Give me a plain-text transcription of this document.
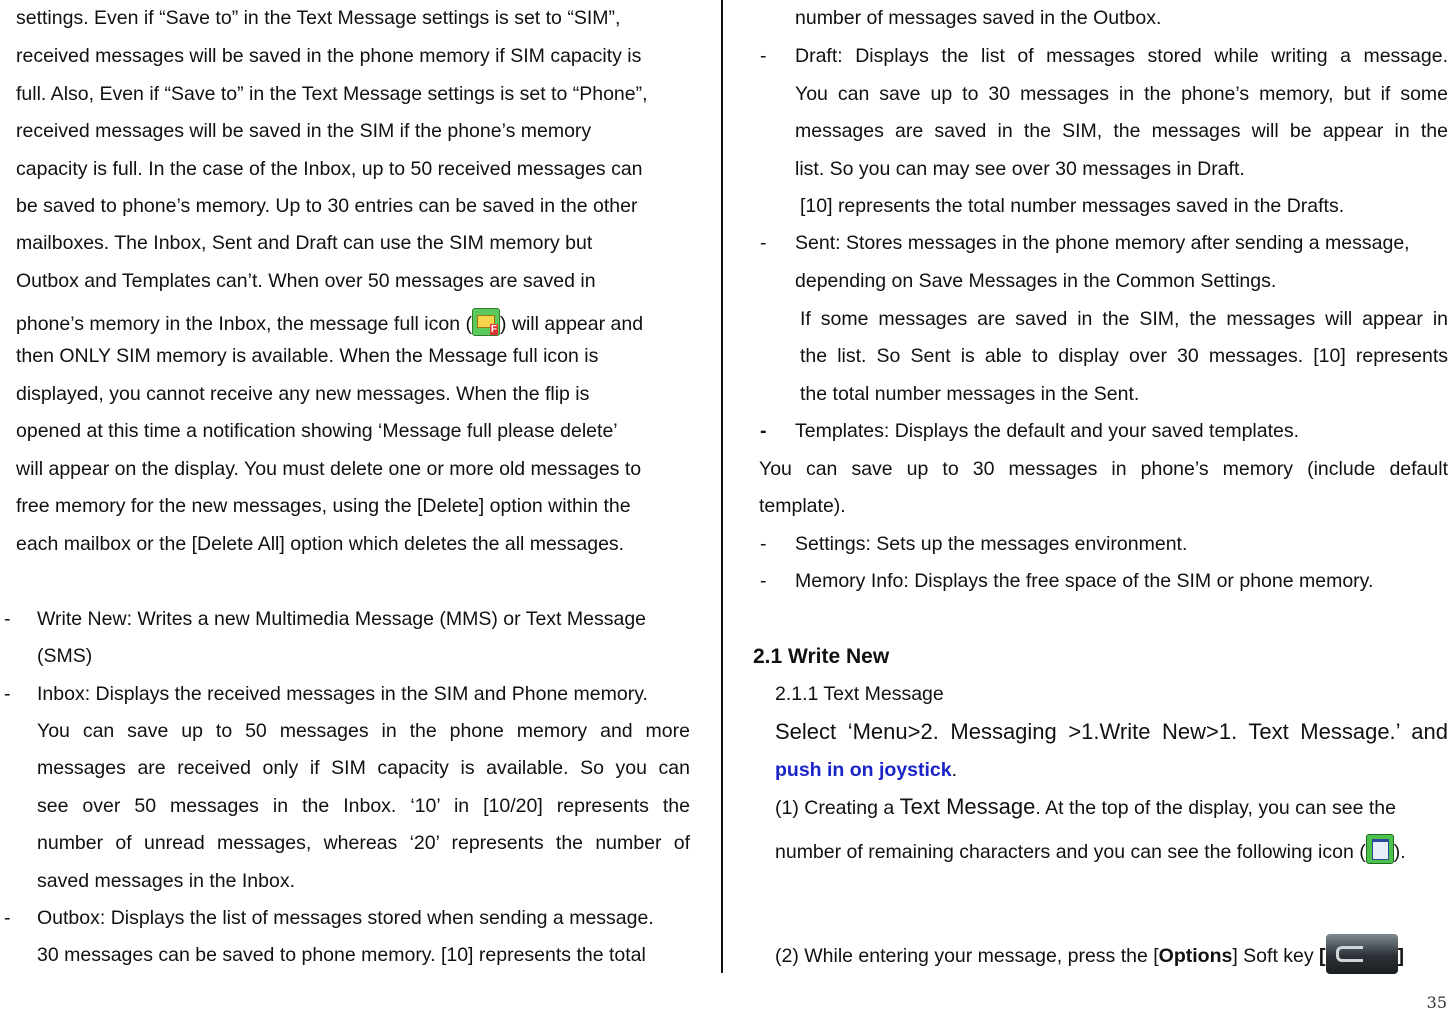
settings. Even if “Save to” in the Text Message settings is set to “SIM”,
received messages will be saved in the phone memory if SIM capacity is
full. Also, Even if “Save to” in the Text Message settings is set to “Phone”,
received messages will be saved in the SIM if the phone’s memory
capacity is full. In the case of the Inbox, up to 50 received messages can
be saved to phone’s memory. Up to 30 entries can be saved in the other
mailboxes. The Inbox, Sent and Draft can use the SIM memory but
Outbox and Templates can’t. When over 50 messages are saved in
phone’s memory in the Inbox, the message full icon (F ) will appear and
then ONLY SIM memory is available. When the Message full icon is
displayed, you cannot receive any new messages. When the flip is
opened at this time a notification showing ‘Message full please delete’
will appear on the display. You must delete one or more old messages to
free memory for the new messages, using the [Delete] option within the
each mailbox or the [Delete All] option which deletes the all messages.
- Write New: Writes a new Multimedia Message (MMS) or Text Message
(SMS)
- Inbox: Displays the received messages in the SIM and Phone memory.
You can save up to 50 messages in the phone memory and more
messages are received only if SIM capacity is available. So you can
see over 50 messages in the Inbox. ‘10’ in [10/20] represents the
number of unread messages, whereas ‘20’ represents the number of
saved messages in the Inbox.
- Outbox: Displays the list of messages stored when sending a message.
30 messages can be saved to phone memory. [10] represents the total
number of messages saved in the Outbox.
- Draft: Displays the list of messages stored while writing a message.
You can save up to 30 messages in the phone’s memory, but if some
messages are saved in the SIM, the messages will be appear in the
list. So you can may see over 30 messages in Draft.
[10] represents the total number messages saved in the Drafts.
- Sent: Stores messages in the phone memory after sending a message,
depending on Save Messages in the Common Settings.
If some messages are saved in the SIM, the messages will appear in
the list. So Sent is able to display over 30 messages. [10] represents
the total number messages in the Sent.
- Templates: Displays the default and your saved templates.
You can save up to 30 messages in phone’s memory (include default
template).
- Settings: Sets up the messages environment.
- Memory Info: Displays the free space of the SIM or phone memory.
2.1 Write New
2.1.1 Text Message
Select ‘Menu>2. Messaging >1.Write New>1. Text Message.’ and
push in on joystick.
(1) Creating a Text Message. At the top of the display, you can see the
number of remaining characters and you can see the following icon ( ).
(2) While entering your message, press the [Options] Soft key [	]
35
